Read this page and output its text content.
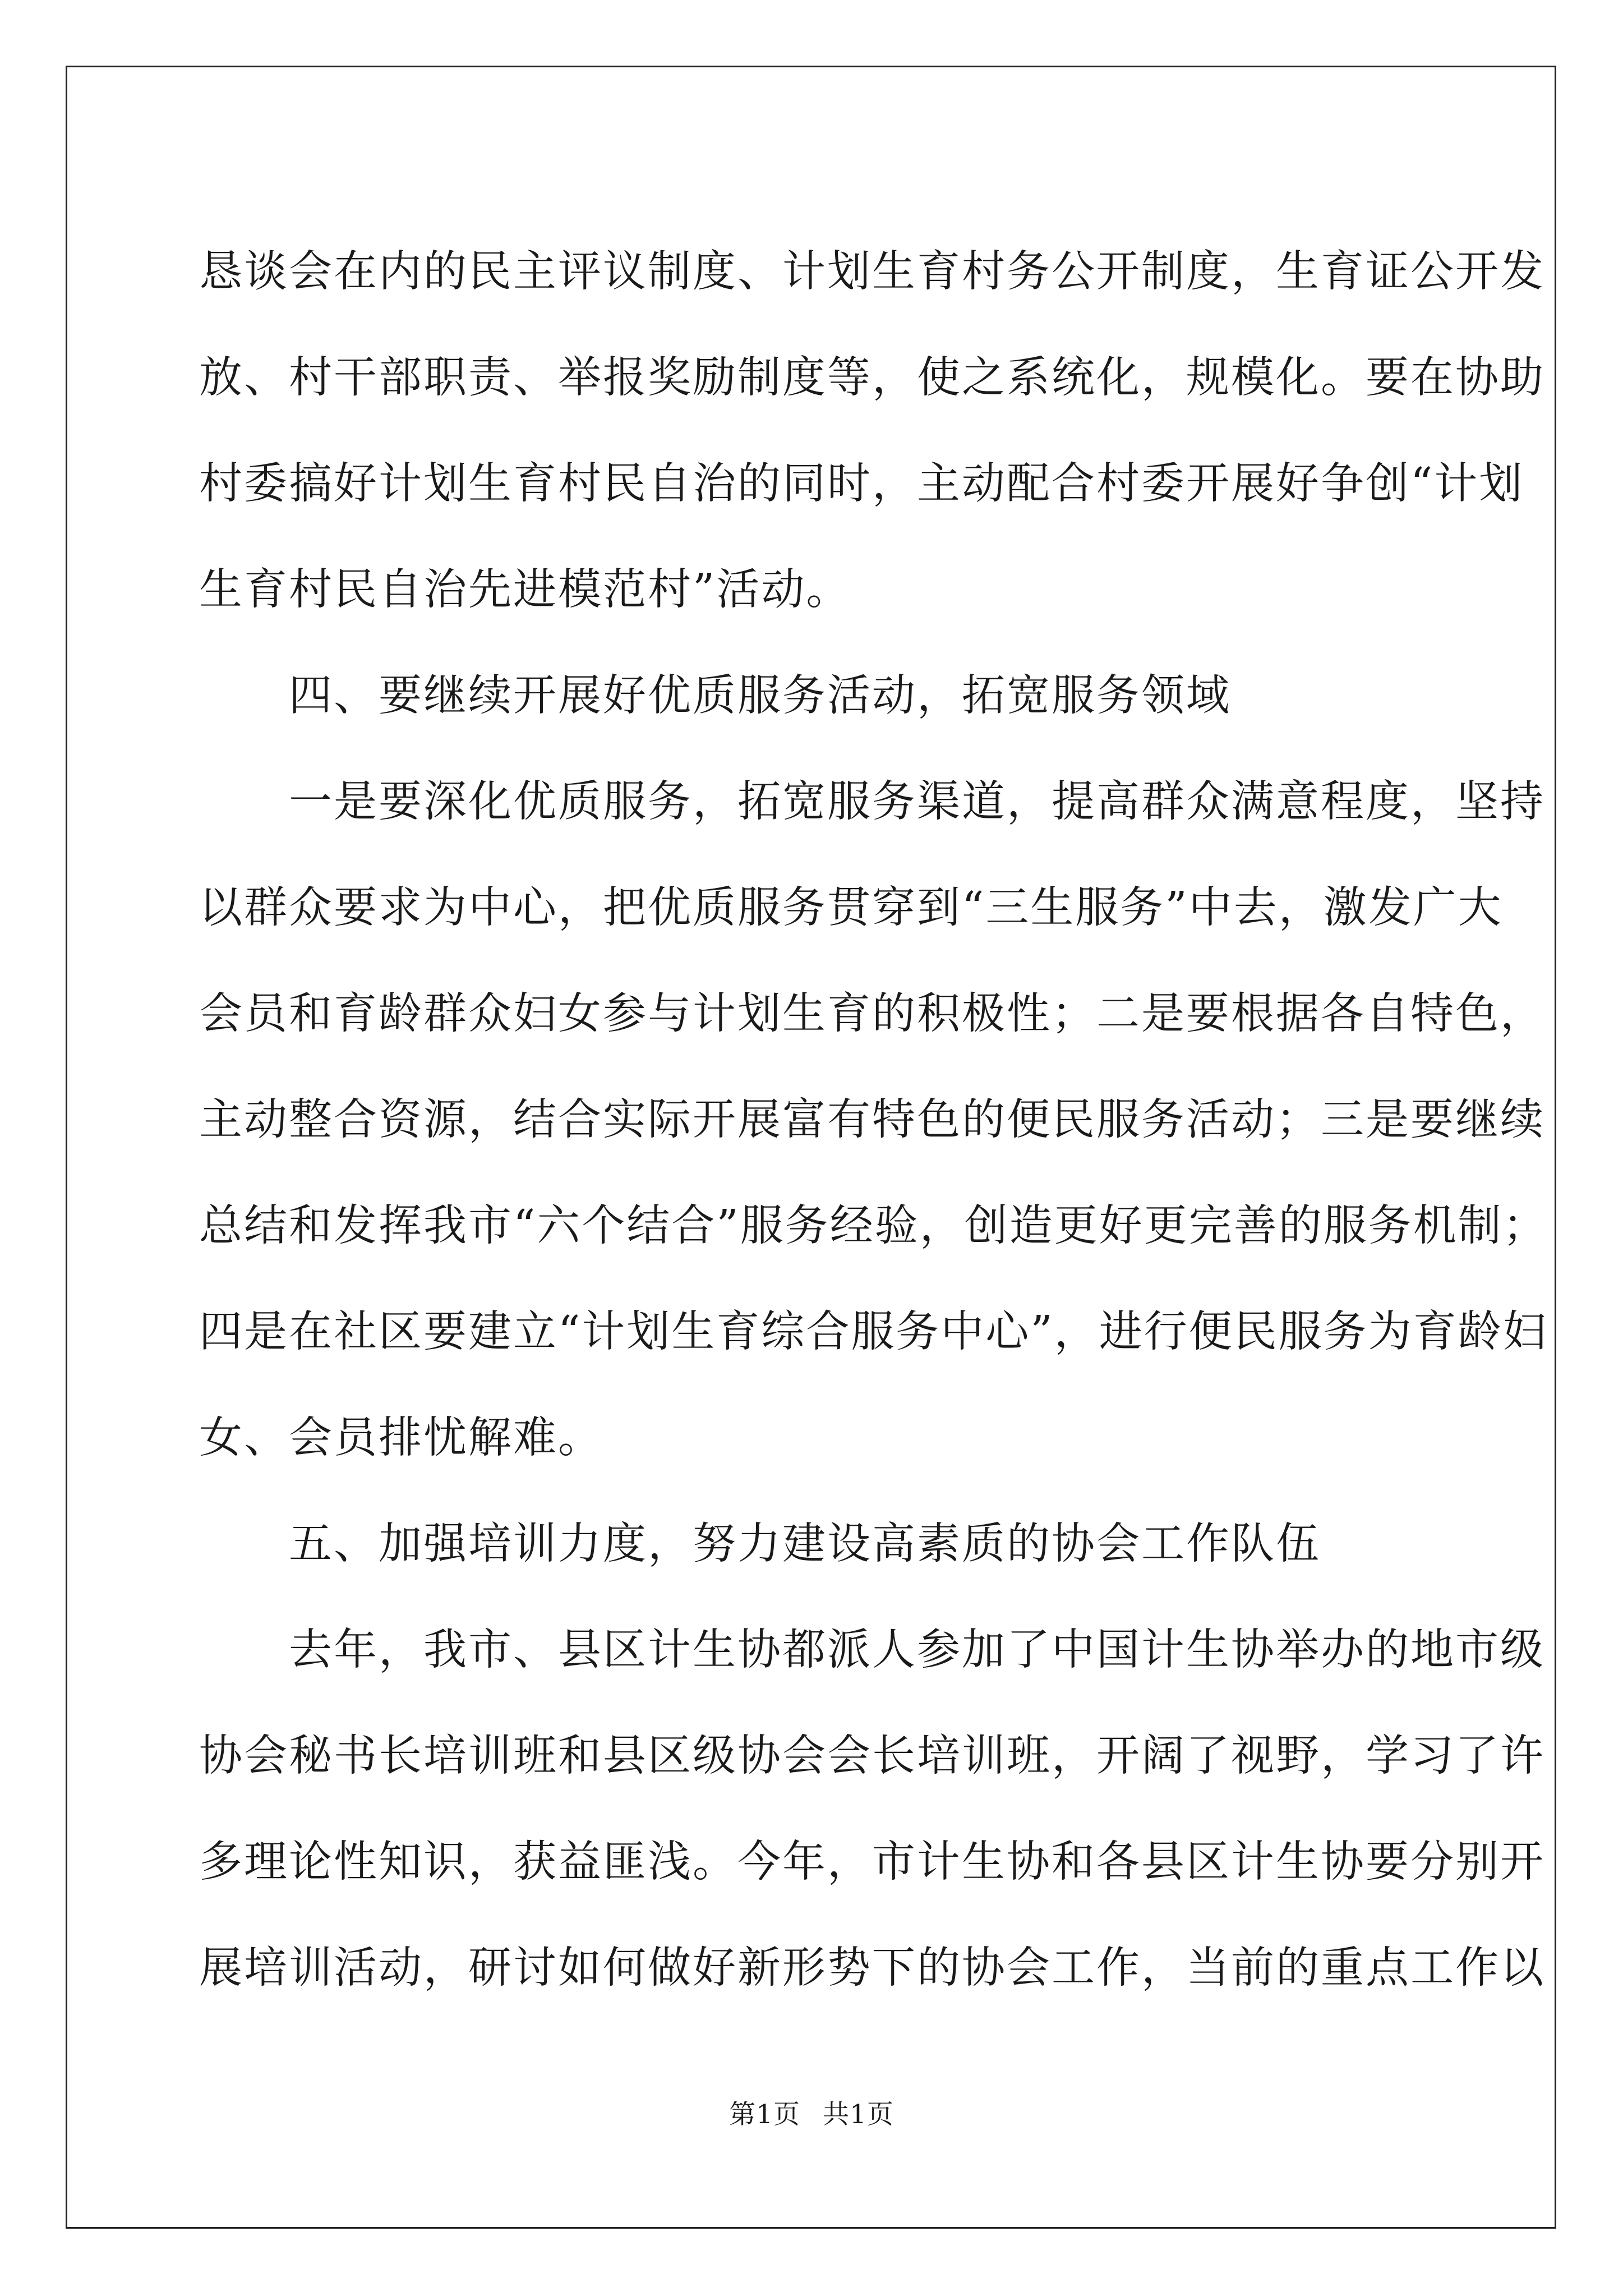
恳谈会在内的民主评议制度、计划生育村务公开制度，生育证公开发
放、村干部职责、举报奖励制度等，使之系统化，规模化。要在协助
村委搞好计划生育村民自治的同时，主动配合村委开展好争创“计划
生育村民自治先进模范村”活动。
　　四、要继续开展好优质服务活动，拓宽服务领域
　　一是要深化优质服务，拓宽服务渠道，提高群众满意程度，坚持
以群众要求为中心，把优质服务贯穿到“三生服务”中去，激发广大
会员和育龄群众妇女参与计划生育的积极性；二是要根据各自特色，
主动整合资源，结合实际开展富有特色的便民服务活动；三是要继续
总结和发挥我市“六个结合”服务经验，创造更好更完善的服务机制；
四是在社区要建立“计划生育综合服务中心”，进行便民服务为育龄妇
女、会员排忧解难。
　　五、加强培训力度，努力建设高素质的协会工作队伍
　　去年，我市、县区计生协都派人参加了中国计生协举办的地市级
协会秘书长培训班和县区级协会会长培训班，开阔了视野，学习了许
多理论性知识，获益匪浅。今年，市计生协和各县区计生协要分别开
展培训活动，研讨如何做好新形势下的协会工作，当前的重点工作以

第1页 共1页
